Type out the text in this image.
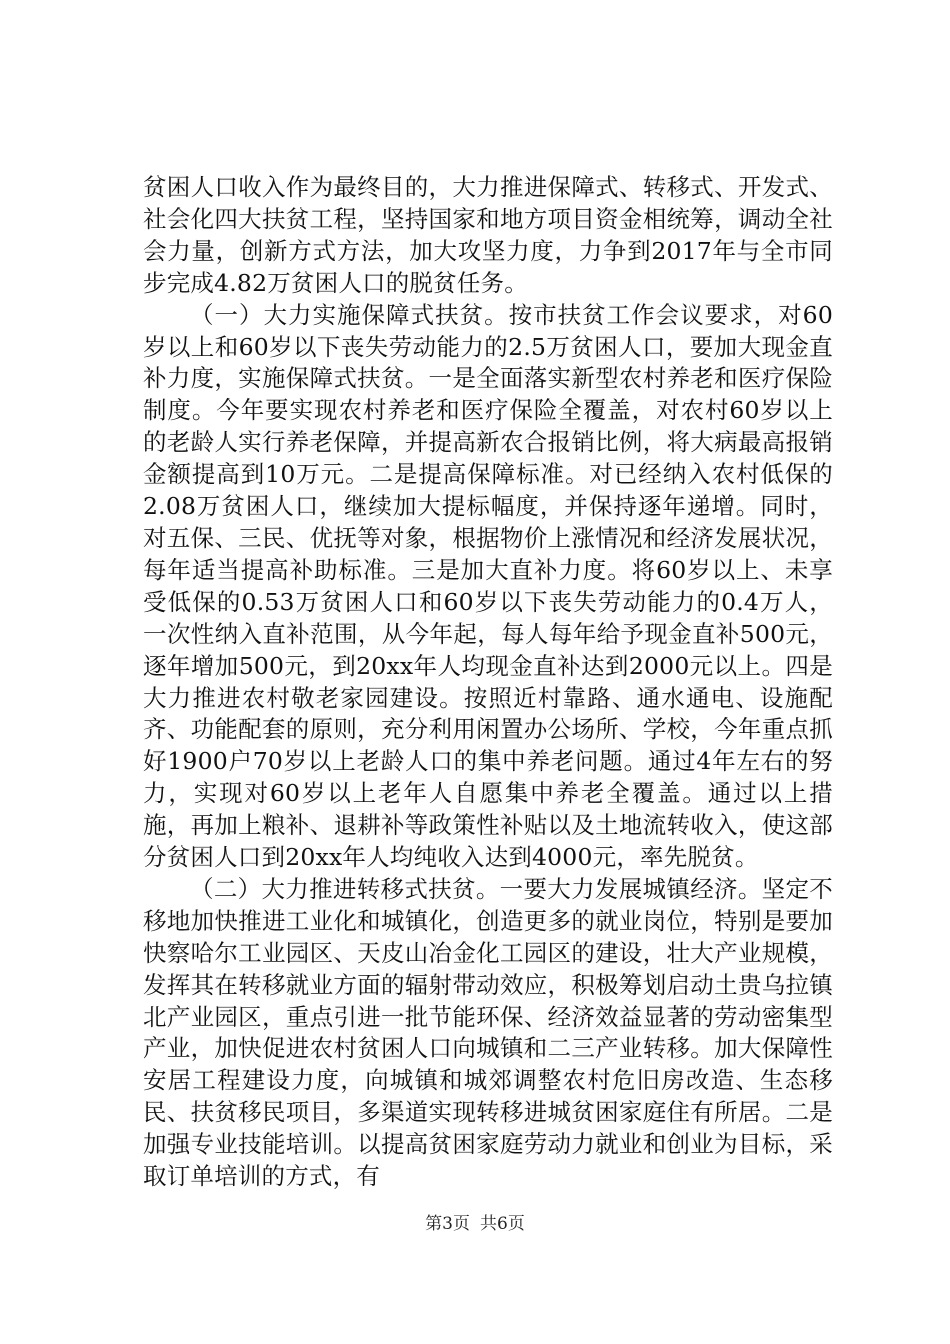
贫困人口收入作为最终目的，大力推进保障式、转移式、开发式、社会化四大扶贫工程，坚持国家和地方项目资金相统筹，调动全社会力量，创新方式方法，加大攻坚力度，力争到2017年与全市同步完成4.82万贫困人口的脱贫任务。

（一）大力实施保障式扶贫。按市扶贫工作会议要求，对60岁以上和60岁以下丧失劳动能力的2.5万贫困人口，要加大现金直补力度，实施保障式扶贫。一是全面落实新型农村养老和医疗保险制度。今年要实现农村养老和医疗保险全覆盖，对农村60岁以上的老龄人实行养老保障，并提高新农合报销比例，将大病最高报销金额提高到10万元。二是提高保障标准。对已经纳入农村低保的2.08万贫困人口，继续加大提标幅度，并保持逐年递增。同时，对五保、三民、优抚等对象，根据物价上涨情况和经济发展状况，每年适当提高补助标准。三是加大直补力度。将60岁以上、未享受低保的0.53万贫困人口和60岁以下丧失劳动能力的0.4万人，一次性纳入直补范围，从今年起，每人每年给予现金直补500元，逐年增加500元，到20xx年人均现金直补达到2000元以上。四是大力推进农村敬老家园建设。按照近村靠路、通水通电、设施配齐、功能配套的原则，充分利用闲置办公场所、学校，今年重点抓好1900户70岁以上老龄人口的集中养老问题。通过4年左右的努力，实现对60岁以上老年人自愿集中养老全覆盖。通过以上措施，再加上粮补、退耕补等政策性补贴以及土地流转收入，使这部分贫困人口到20xx年人均纯收入达到4000元，率先脱贫。

（二）大力推进转移式扶贫。一要大力发展城镇经济。坚定不移地加快推进工业化和城镇化，创造更多的就业岗位，特别是要加快察哈尔工业园区、天皮山冶金化工园区的建设，壮大产业规模，发挥其在转移就业方面的辐射带动效应，积极筹划启动土贵乌拉镇北产业园区，重点引进一批节能环保、经济效益显著的劳动密集型产业，加快促进农村贫困人口向城镇和二三产业转移。加大保障性安居工程建设力度，向城镇和城郊调整农村危旧房改造、生态移民、扶贫移民项目，多渠道实现转移进城贫困家庭住有所居。二是加强专业技能培训。以提高贫困家庭劳动力就业和创业为目标，采取订单培训的方式，有

第3页 共6页
